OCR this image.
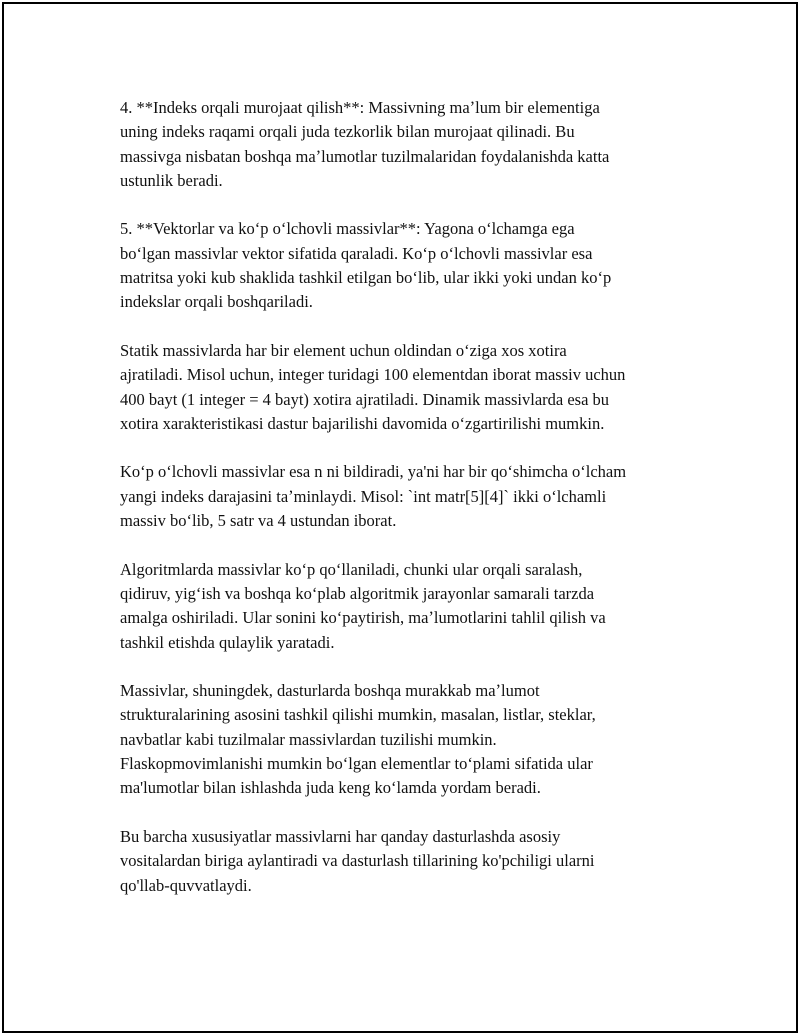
4. **Indeks orqali murojaat qilish**: Massivning maʼlum bir elementiga
uning indeks raqami orqali juda tezkorlik bilan murojaat qilinadi. Bu
massivga nisbatan boshqa maʼlumotlar tuzilmalaridan foydalanishda katta
ustunlik beradi.

5. **Vektorlar va koʻp oʻlchovli massivlar**: Yagona oʻlchamga ega
boʻlgan massivlar vektor sifatida qaraladi. Koʻp oʻlchovli massivlar esa
matritsa yoki kub shaklida tashkil etilgan boʻlib, ular ikki yoki undan koʻp
indekslar orqali boshqariladi.

Statik massivlarda har bir element uchun oldindan oʻziga xos xotira
ajratiladi. Misol uchun, integer turidagi 100 elementdan iborat massiv uchun
400 bayt (1 integer = 4 bayt) xotira ajratiladi. Dinamik massivlarda esa bu
xotira xarakteristikasi dastur bajarilishi davomida oʻzgartirilishi mumkin.

Koʻp oʻlchovli massivlar esa n ni bildiradi, ya'ni har bir qoʻshimcha oʻlcham
yangi indeks darajasini taʼminlaydi. Misol: `int matr[5][4]` ikki oʻlchamli
massiv boʻlib, 5 satr va 4 ustundan iborat.

Algoritmlarda massivlar koʻp qoʻllaniladi, chunki ular orqali saralash,
qidiruv, yigʻish va boshqa koʻplab algoritmik jarayonlar samarali tarzda
amalga oshiriladi. Ular sonini koʻpaytirish, maʼlumotlarini tahlil qilish va
tashkil etishda qulaylik yaratadi.

Massivlar, shuningdek, dasturlarda boshqa murakkab maʼlumot
strukturalarining asosini tashkil qilishi mumkin, masalan, listlar, steklar,
navbatlar kabi tuzilmalar massivlardan tuzilishi mumkin.
Flaskopmovimlanishi mumkin boʻlgan elementlar toʻplami sifatida ular
ma'lumotlar bilan ishlashda juda keng koʻlamda yordam beradi.

Bu barcha xususiyatlar massivlarni har qanday dasturlashda asosiy
vositalardan biriga aylantiradi va dasturlash tillarining ko'pchiligi ularni
qo'llab-quvvatlaydi.
